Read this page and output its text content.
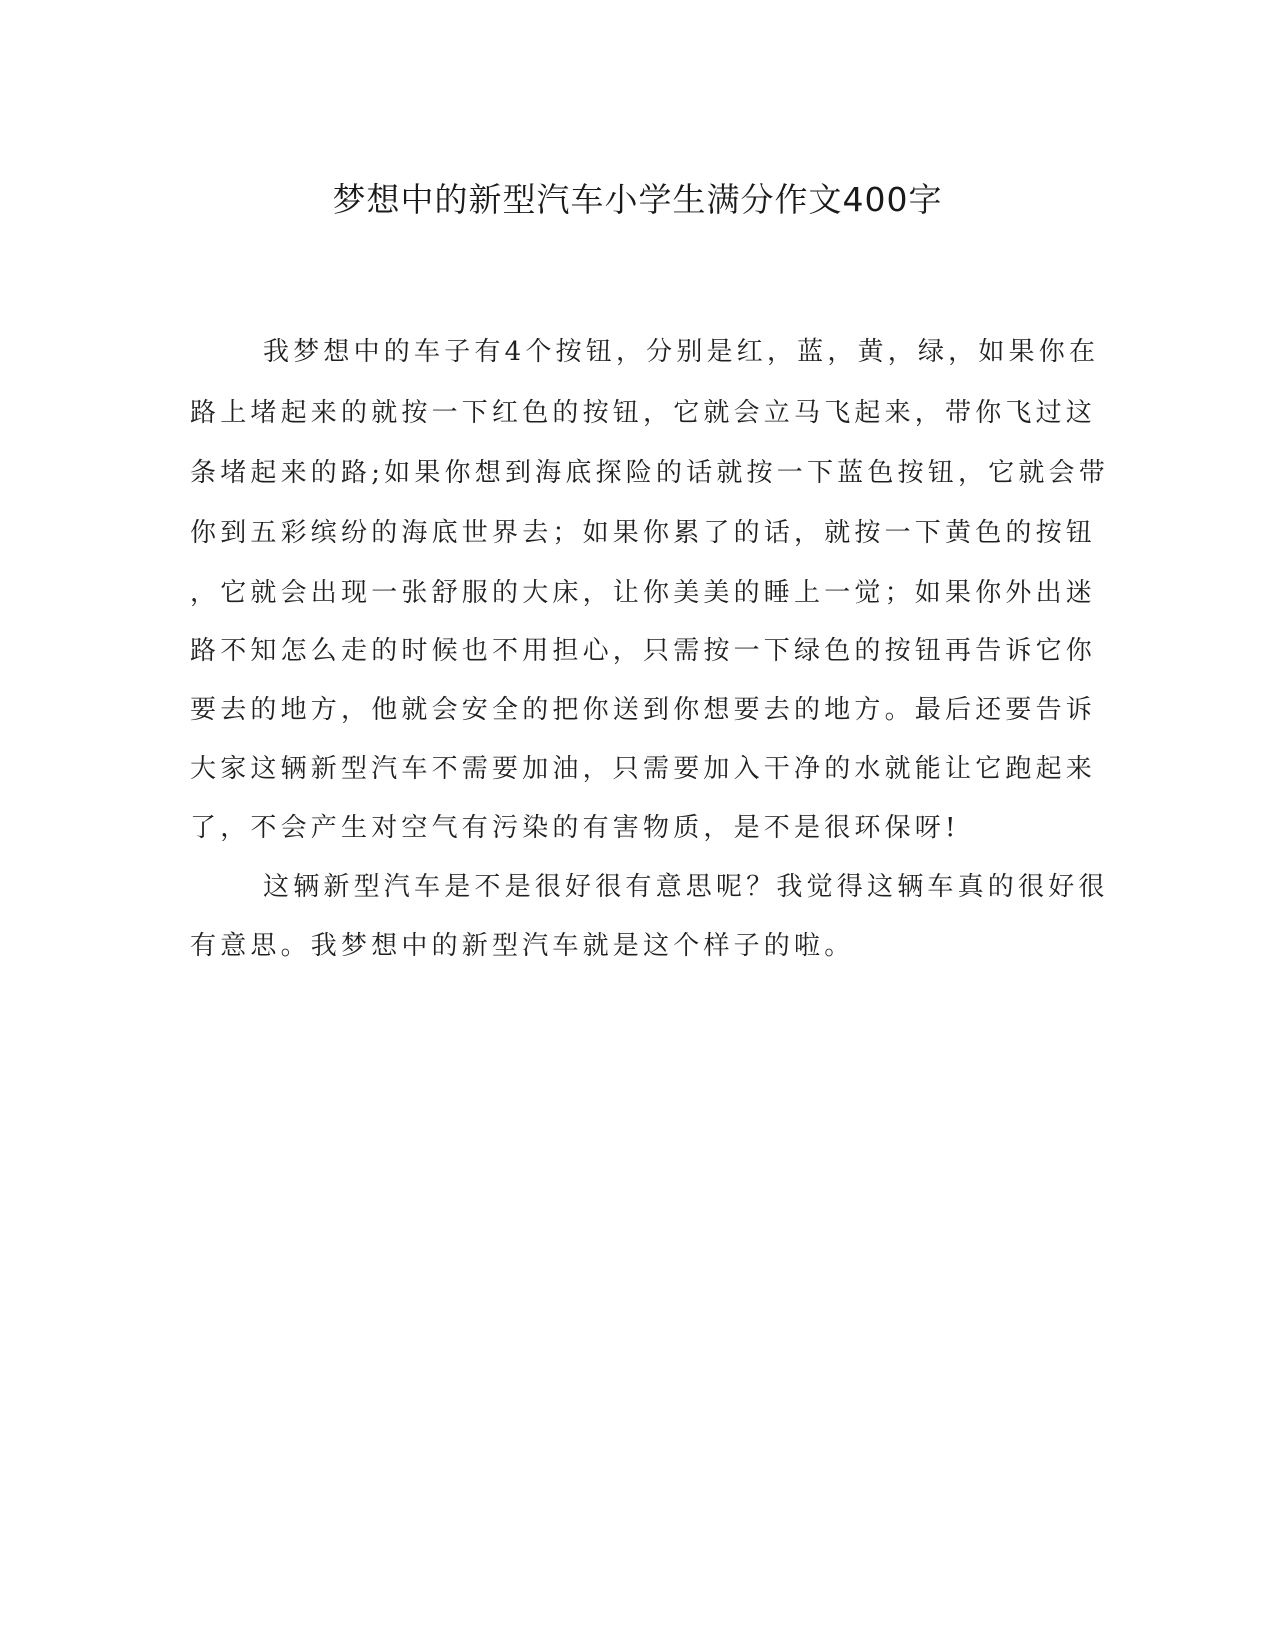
梦想中的新型汽车小学生满分作文400字

我梦想中的车子有4个按钮，分别是红，蓝，黄，绿，如果你在

路上堵起来的就按一下红色的按钮，它就会立马飞起来，带你飞过这

条堵起来的路;如果你想到海底探险的话就按一下蓝色按钮，它就会带

你到五彩缤纷的海底世界去；如果你累了的话，就按一下黄色的按钮

，它就会出现一张舒服的大床，让你美美的睡上一觉；如果你外出迷

路不知怎么走的时候也不用担心，只需按一下绿色的按钮再告诉它你

要去的地方，他就会安全的把你送到你想要去的地方。最后还要告诉

大家这辆新型汽车不需要加油，只需要加入干净的水就能让它跑起来

了，不会产生对空气有污染的有害物质，是不是很环保呀!

这辆新型汽车是不是很好很有意思呢？我觉得这辆车真的很好很

有意思。我梦想中的新型汽车就是这个样子的啦。
